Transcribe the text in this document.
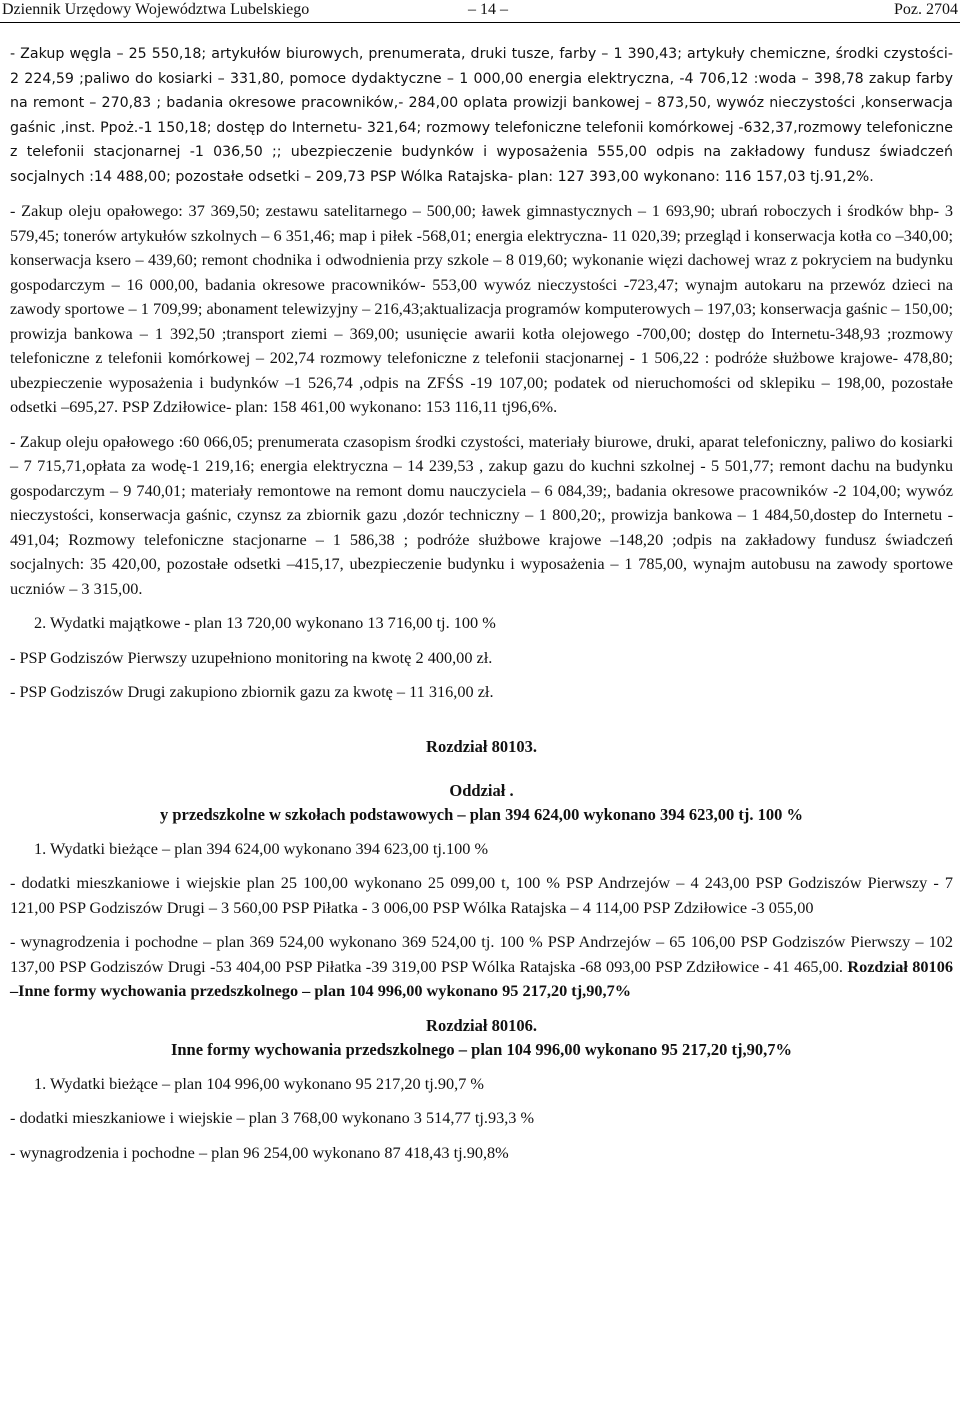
Dziennik Urzędowy Województwa Lubelskiego	– 14 –	Poz. 2704

- Zakup węgla – 25 550,18; artykułów biurowych, prenumerata, druki tusze, farby – 1 390,43; artykuły chemiczne, środki czystości- 2 224,59 ;paliwo do kosiarki – 331,80, pomoce dydaktyczne – 1 000,00 energia elektryczna, -4 706,12 :woda – 398,78 zakup farby na remont – 270,83 ; badania okresowe pracowników,- 284,00 oplata prowizji bankowej – 873,50, wywóz nieczystości ,konserwacja gaśnic ,inst. Ppoż.-1 150,18; dostęp do Internetu- 321,64; rozmowy telefoniczne telefonii komórkowej -632,37,rozmowy telefoniczne z telefonii stacjonarnej -1 036,50 ;; ubezpieczenie budynków i wyposażenia 555,00 odpis na zakładowy fundusz świadczeń socjalnych :14 488,00; pozostałe odsetki – 209,73 PSP Wólka Ratajska- plan: 127 393,00 wykonano: 116 157,03 tj.91,2%.

- Zakup oleju opałowego: 37 369,50; zestawu satelitarnego – 500,00; ławek gimnastycznych – 1 693,90; ubrań roboczych i środków bhp- 3 579,45; tonerów artykułów szkolnych – 6 351,46; map i piłek -568,01; energia elektryczna- 11 020,39; przegląd i konserwacja kotła co –340,00; konserwacja ksero – 439,60; remont chodnika i odwodnienia przy szkole – 8 019,60; wykonanie więzi dachowej wraz z pokryciem na budynku gospodarczym – 16 000,00, badania okresowe pracowników- 553,00 wywóz nieczystości -723,47; wynajm autokaru na przewóz dzieci na zawody sportowe – 1 709,99; abonament telewizyjny – 216,43;aktualizacja programów komputerowych – 197,03; konserwacja gaśnic – 150,00; prowizja bankowa – 1 392,50 ;transport ziemi – 369,00; usunięcie awarii kotła olejowego -700,00; dostęp do Internetu-348,93 ;rozmowy telefoniczne z telefonii komórkowej – 202,74 rozmowy telefoniczne z telefonii stacjonarnej - 1 506,22 : podróże służbowe krajowe- 478,80; ubezpieczenie wyposażenia i budynków –1 526,74 ,odpis na ZFŚS -19 107,00; podatek od nieruchomości od sklepiku – 198,00, pozostałe odsetki –695,27. PSP Zdziłowice- plan: 158 461,00 wykonano: 153 116,11 tj96,6%.

- Zakup oleju opałowego :60 066,05; prenumerata czasopism środki czystości, materiały biurowe, druki, aparat telefoniczny, paliwo do kosiarki – 7 715,71,opłata za wodę-1 219,16; energia elektryczna – 14 239,53 , zakup gazu do kuchni szkolnej - 5 501,77; remont dachu na budynku gospodarczym – 9 740,01; materiały remontowe na remont domu nauczyciela – 6 084,39;, badania okresowe pracowników -2 104,00; wywóz nieczystości, konserwacja gaśnic, czynsz za zbiornik gazu ,dozór techniczny – 1 800,20;, prowizja bankowa – 1 484,50,dostep do Internetu - 491,04; Rozmowy telefoniczne stacjonarne – 1 586,38 ; podróże służbowe krajowe –148,20 ;odpis na zakładowy fundusz świadczeń socjalnych: 35 420,00, pozostałe odsetki –415,17, ubezpieczenie budynku i wyposażenia – 1 785,00, wynajm autobusu na zawody sportowe uczniów – 3 315,00.

2. Wydatki majątkowe - plan 13 720,00 wykonano 13 716,00 tj. 100 %

- PSP Godziszów Pierwszy uzupełniono monitoring na kwotę 2 400,00 zł.

- PSP Godziszów Drugi zakupiono zbiornik gazu za kwotę – 11 316,00 zł.

Rozdział 80103.

Oddział .

y przedszkolne w szkołach podstawowych – plan 394 624,00 wykonano 394 623,00 tj. 100 %

1. Wydatki bieżące – plan 394 624,00 wykonano 394 623,00 tj.100 %

- dodatki mieszkaniowe i wiejskie plan 25 100,00 wykonano 25 099,00 t, 100 % PSP Andrzejów – 4 243,00 PSP Godziszów Pierwszy - 7 121,00 PSP Godziszów Drugi – 3 560,00 PSP Piłatka - 3 006,00 PSP Wólka Ratajska – 4 114,00 PSP Zdziłowice -3 055,00

- wynagrodzenia i pochodne – plan 369 524,00 wykonano 369 524,00 tj. 100 % PSP Andrzejów – 65 106,00 PSP Godziszów Pierwszy – 102 137,00 PSP Godziszów Drugi -53 404,00 PSP Piłatka -39 319,00 PSP Wólka Ratajska -68 093,00 PSP Zdziłowice - 41 465,00. Rozdział 80106 –Inne formy wychowania przedszkolnego – plan 104 996,00 wykonano 95 217,20 tj,90,7%

Rozdział 80106.

Inne formy wychowania przedszkolnego – plan 104 996,00 wykonano 95 217,20 tj,90,7%

1. Wydatki bieżące – plan 104 996,00 wykonano 95 217,20 tj.90,7 %

- dodatki mieszkaniowe i wiejskie – plan 3 768,00 wykonano 3 514,77 tj.93,3 %

- wynagrodzenia i pochodne – plan 96 254,00 wykonano 87 418,43 tj.90,8%
